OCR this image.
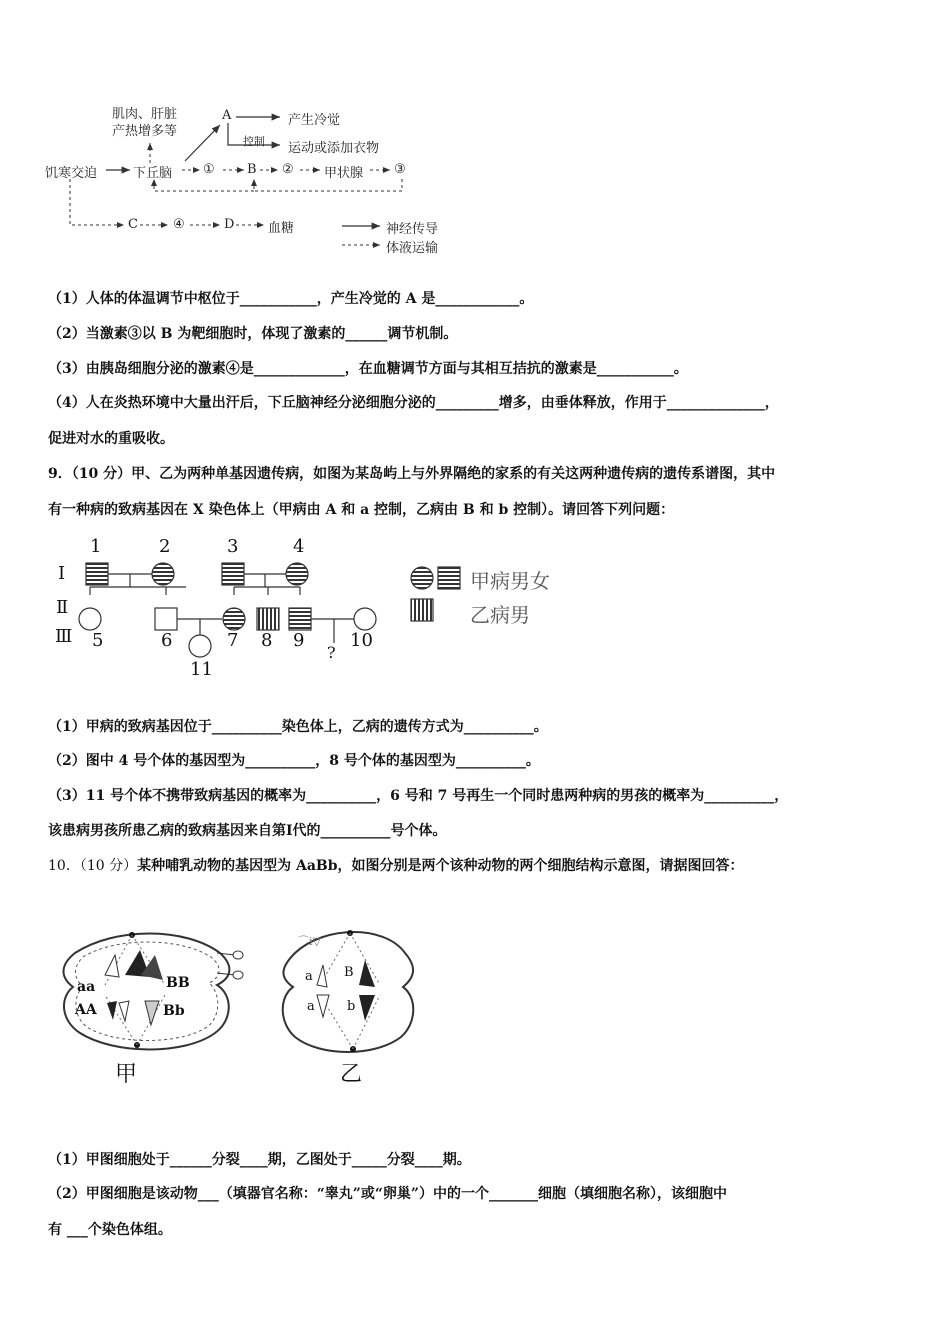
肌肉、肝脏
产热增多等
A	产生冷觉
控制 运动或添加衣物
饥寒交迫	下丘脑 ① B ② 甲状腺 ③
C	④	D	血糖	神经传导
体液运输
（1）人体的体温调节中枢位于___________，产生冷觉的 A 是____________。
（2）当激素③以 B 为靶细胞时，体现了激素的______调节机制。
（3）由胰岛细胞分泌的激素④是_____________，在血糖调节方面与其相互拮抗的激素是___________。
（4）人在炎热环境中大量出汗后，下丘脑神经分泌细胞分泌的_________增多，由垂体释放，作用于______________，
促进对水的重吸收。
9．（10 分）甲、乙为两种单基因遗传病，如图为某岛屿上与外界隔绝的家系的有关这两种遗传病的遗传系谱图，其中
有一种病的致病基因在 X 染色体上（甲病由 A 和 a 控制，乙病由 B 和 b 控制）。请回答下列问题：
Ⅰ
Ⅱ
Ⅲ
1	2	3	4
5	6	7 8 9	10
11
?
甲病男女
乙病男
（1）甲病的致病基因位于__________染色体上，乙病的遗传方式为__________。
（2）图中 4 号个体的基因型为__________，8 号个体的基因型为__________。
（3）11 号个体不携带致病基因的概率为__________，6 号和 7 号再生一个同时患两种病的男孩的概率为__________，
该患病男孩所患乙病的致病基因来自第Ⅰ代的__________号个体。
10．（10 分）某种哺乳动物的基因型为 AaBb，如图分别是两个该种动物的两个细胞结构示意图，请据图回答：
⌒ⅰ▽
aa	BB
AA	Bb
甲
a B
a b
乙
（1）甲图细胞处于______分裂____期，乙图处于_____分裂____期。
（2）甲图细胞是该动物___（填器官名称：“睾丸”或“卵巢”）中的一个_______细胞（填细胞名称），该细胞中
有 ___个染色体组。
